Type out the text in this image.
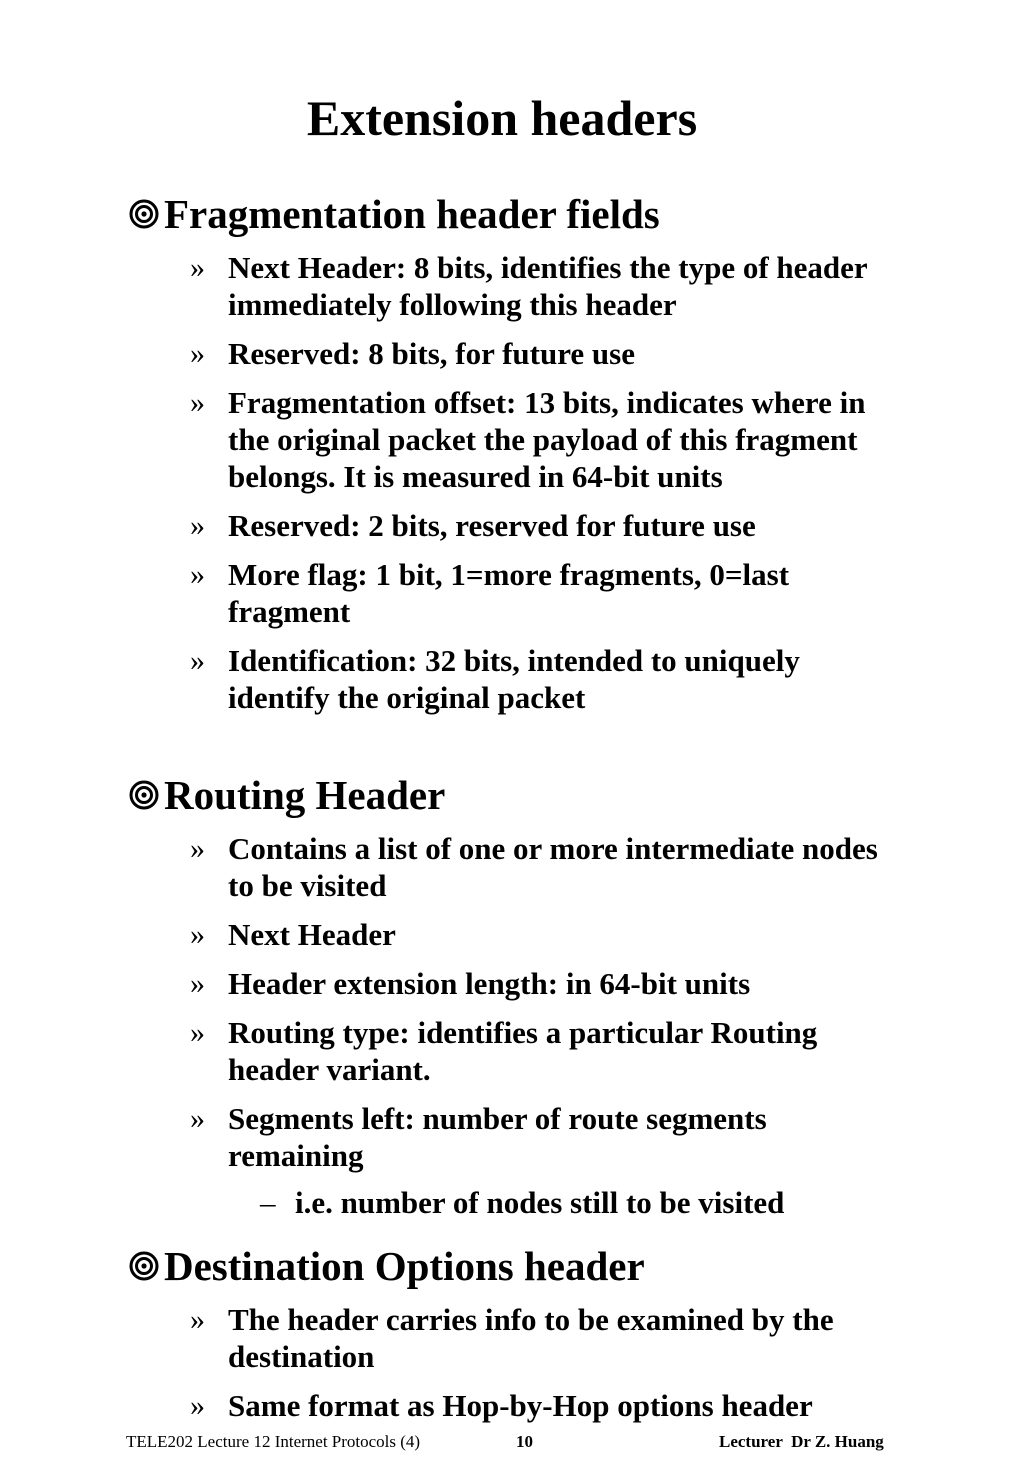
Extension headers
Fragmentation header fields
» Next Header: 8 bits, identifies the type of header immediately following this header
» Reserved: 8 bits, for future use
» Fragmentation offset: 13 bits, indicates where in the original packet the payload of this fragment belongs. It is measured in 64-bit units
» Reserved: 2 bits, reserved for future use
» More flag: 1 bit, 1=more fragments, 0=last fragment
» Identification: 32 bits, intended to uniquely identify the original packet
Routing Header
» Contains a list of one or more intermediate nodes to be visited
» Next Header
» Header extension length: in 64-bit units
» Routing type: identifies a particular Routing header variant.
» Segments left: number of route segments remaining
– i.e. number of nodes still to be visited
Destination Options header
» The header carries info to be examined by the destination
» Same format as Hop-by-Hop options header
TELE202 Lecture 12 Internet Protocols (4)	10	Lecturer  Dr Z. Huang
